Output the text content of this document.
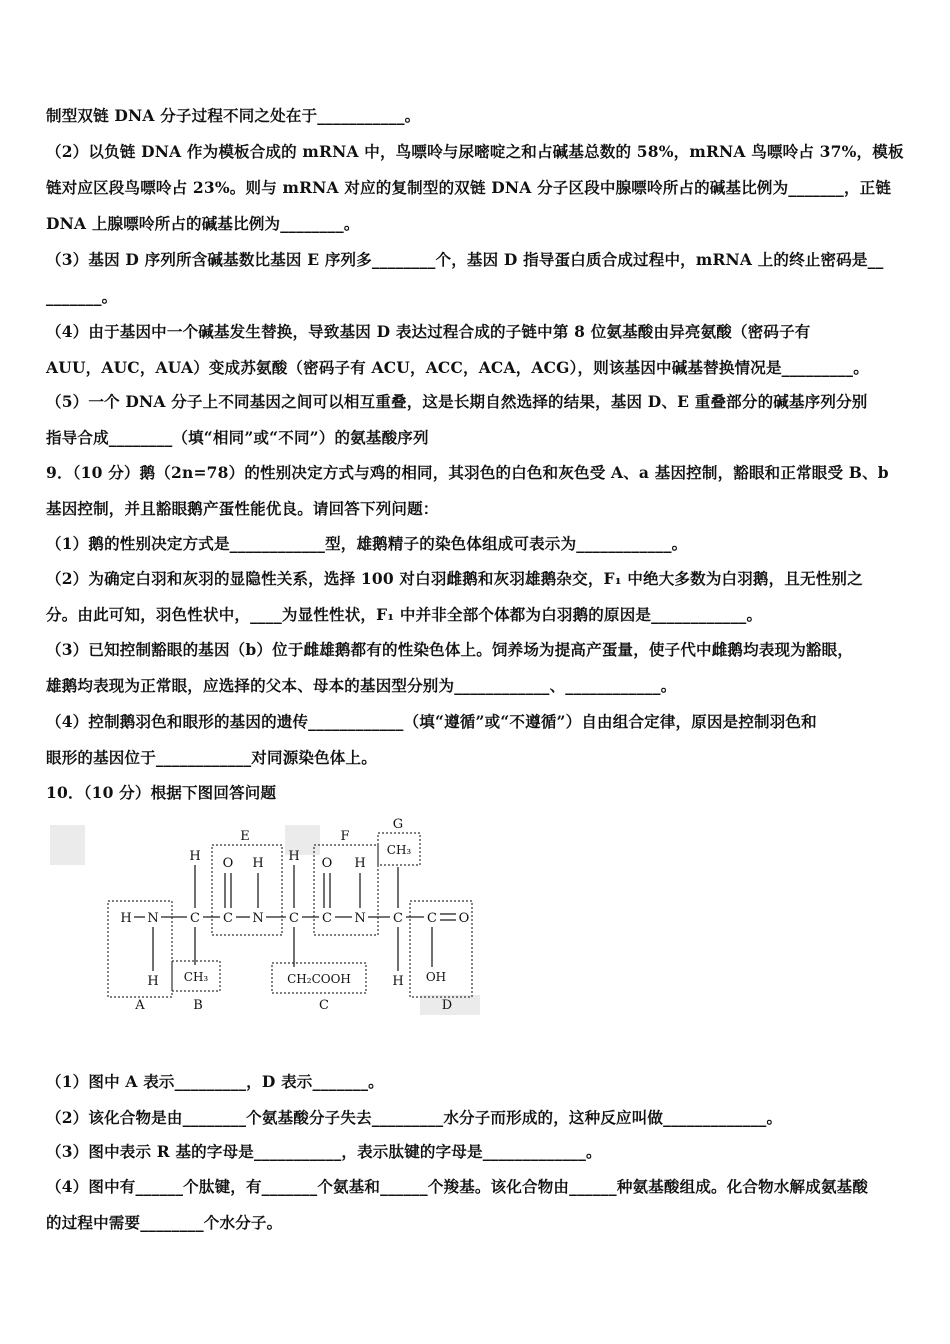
制型双链 DNA 分子过程不同之处在于___________。
（2）以负链 DNA 作为模板合成的 mRNA 中，鸟嘌呤与尿嘧啶之和占碱基总数的 58%，mRNA 鸟嘌呤占 37%，模板
链对应区段鸟嘌呤占 23%。则与 mRNA 对应的复制型的双链 DNA 分子区段中腺嘌呤所占的碱基比例为_______，正链
DNA 上腺嘌呤所占的碱基比例为________。
（3）基因 D 序列所含碱基数比基因 E 序列多________个，基因 D 指导蛋白质合成过程中，mRNA 上的终止密码是__
_______。
（4）由于基因中一个碱基发生替换，导致基因 D 表达过程合成的子链中第 8 位氨基酸由异亮氨酸（密码子有
AUU，AUC，AUA）变成苏氨酸（密码子有 ACU，ACC，ACA，ACG），则该基因中碱基替换情况是_________。
（5）一个 DNA 分子上不同基因之间可以相互重叠，这是长期自然选择的结果，基因 D、E 重叠部分的碱基序列分别
指导合成________（填“相同”或“不同”）的氨基酸序列
9．（10 分）鹅（2n=78）的性别决定方式与鸡的相同，其羽色的白色和灰色受 A、a 基因控制，豁眼和正常眼受 B、b
基因控制，并且豁眼鹅产蛋性能优良。请回答下列问题：
（1）鹅的性别决定方式是____________型，雄鹅精子的染色体组成可表示为____________。
（2）为确定白羽和灰羽的显隐性关系，选择 100 对白羽雌鹅和灰羽雄鹅杂交，F₁ 中绝大多数为白羽鹅，且无性别之
分。由此可知，羽色性状中，____为显性性状，F₁ 中并非全部个体都为白羽鹅的原因是____________。
（3）已知控制豁眼的基因（b）位于雌雄鹅都有的性染色体上。饲养场为提高产蛋量，使子代中雌鹅均表现为豁眼，
雄鹅均表现为正常眼，应选择的父本、母本的基因型分别为____________、____________。
（4）控制鹅羽色和眼形的基因的遗传____________（填“遵循”或“不遵循”）自由组合定律，原因是控制羽色和
眼形的基因位于____________对同源染色体上。
10．（10 分）根据下图回答问题
A	B	C	D
E	F
G
H N
H
C
H
C
O
N
H
C
H
C
O
N
H
C
H
C O
CH₃	CH₂COOH
CH₃
OH
（1）图中 A 表示_________，D 表示_______。
（2）该化合物是由________个氨基酸分子失去_________水分子而形成的，这种反应叫做_____________。
（3）图中表示 R 基的字母是___________，表示肽键的字母是_____________。
（4）图中有______个肽键，有_______个氨基和______个羧基。该化合物由______种氨基酸组成。化合物水解成氨基酸
的过程中需要________个水分子。
